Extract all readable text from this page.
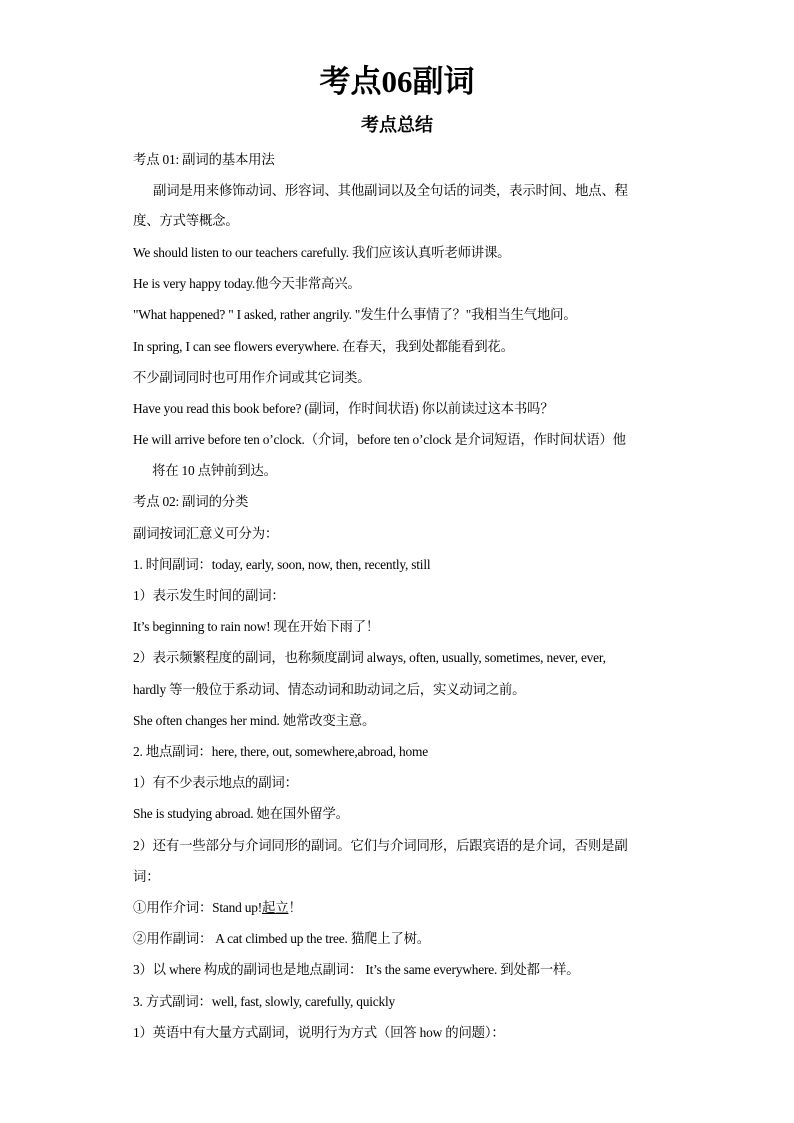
考点06副词
考点总结
考点 01: 副词的基本用法
副词是用来修饰动词、形容词、其他副词以及全句话的词类，表示时间、地点、程
度、方式等概念。
We should listen to our teachers carefully. 我们应该认真听老师讲课。
He is very happy today.他今天非常高兴。
"What happened? " I asked, rather angrily. "发生什么事情了？"我相当生气地问。
In spring, I can see flowers everywhere. 在春天，我到处都能看到花。
不少副词同时也可用作介词或其它词类。
Have you read this book before? (副词，作时间状语) 你以前读过这本书吗？
He will arrive before ten o’clock.（介词，before ten o’clock 是介词短语，作时间状语）他
将在 10 点钟前到达。
考点 02: 副词的分类
副词按词汇意义可分为：
1. 时间副词：today, early, soon, now, then, recently, still
1）表示发生时间的副词：
It’s beginning to rain now! 现在开始下雨了！
2）表示频繁程度的副词，也称频度副词 always, often, usually, sometimes, never, ever,
hardly 等一般位于系动词、情态动词和助动词之后，实义动词之前。
She often changes her mind. 她常改变主意。
2. 地点副词：here, there, out, somewhere,abroad, home
1）有不少表示地点的副词：
She is studying abroad. 她在国外留学。
2）还有一些部分与介词同形的副词。它们与介词同形，后跟宾语的是介词，否则是副
词：
①用作介词：Stand up!起立！
②用作副词： A cat climbed up the tree. 猫爬上了树。
3）以 where 构成的副词也是地点副词： It’s the same everywhere. 到处都一样。
3. 方式副词：well, fast, slowly, carefully, quickly
1）英语中有大量方式副词，说明行为方式（回答 how 的问题）：
